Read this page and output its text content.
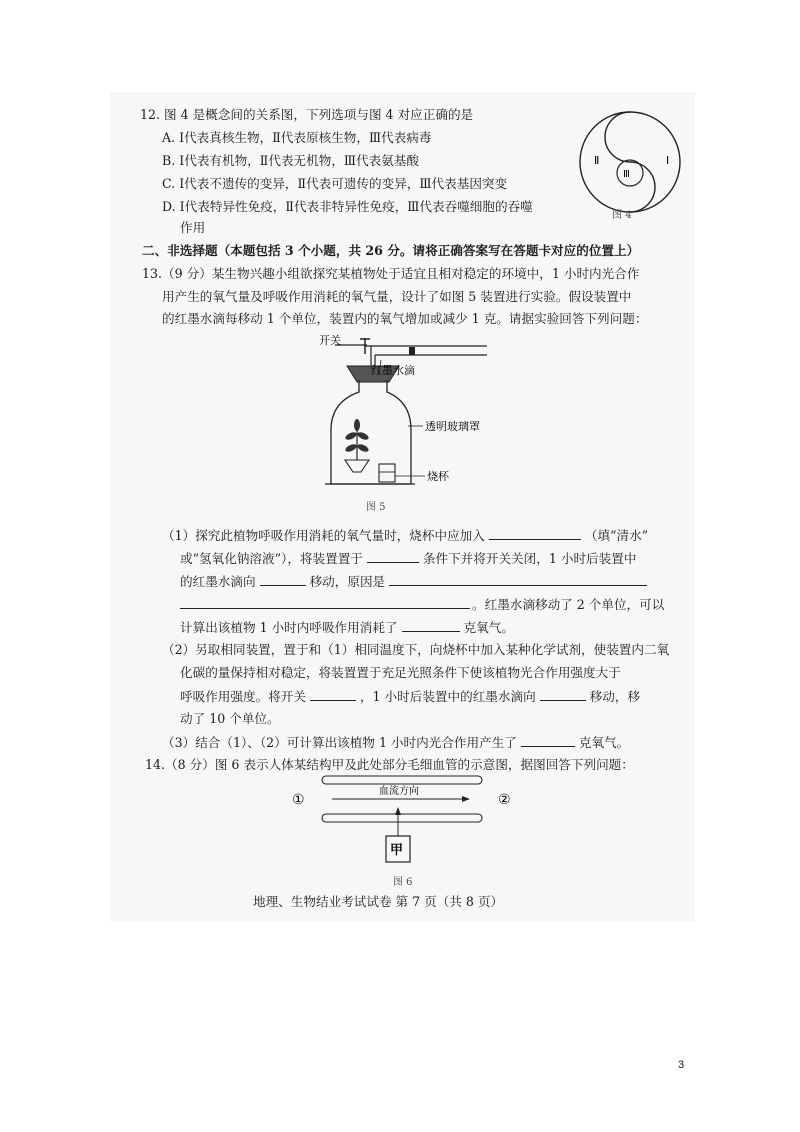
12. 图 4 是概念间的关系图，下列选项与图 4 对应正确的是
A. Ⅰ代表真核生物，Ⅱ代表原核生物，Ⅲ代表病毒
B. Ⅰ代表有机物，Ⅱ代表无机物，Ⅲ代表氨基酸
C. Ⅰ代表不遗传的变异，Ⅱ代表可遗传的变异，Ⅲ代表基因突变
D. Ⅰ代表特异性免疫，Ⅱ代表非特异性免疫，Ⅲ代表吞噬细胞的吞噬
作用
Ⅱ
Ⅲ
Ⅰ
图 4
二、非选择题（本题包括 3 个小题，共 26 分。请将正确答案写在答题卡对应的位置上）
13.（9 分）某生物兴趣小组欲探究某植物处于适宜且相对稳定的环境中，1 小时内光合作
用产生的氧气量及呼吸作用消耗的氧气量，设计了如图 5 装置进行实验。假设装置中
的红墨水滴每移动 1 个单位，装置内的氧气增加或减少 1 克。请据实验回答下列问题：
开关
红墨水滴
透明玻璃罩
烧杯
图 5
（1）探究此植物呼吸作用消耗的氧气量时，烧杯中应加入	（填“清水”
或“氢氧化钠溶液”），将装置置于	条件下并将开关关闭，1 小时后装置中
的红墨水滴向	移动，原因是
。红墨水滴移动了 2 个单位，可以
计算出该植物 1 小时内呼吸作用消耗了	克氧气。
（2）另取相同装置，置于和（1）相同温度下，向烧杯中加入某种化学试剂，使装置内二氧
化碳的量保持相对稳定，将装置置于充足光照条件下使该植物光合作用强度大于
呼吸作用强度。将开关	，1 小时后装置中的红墨水滴向	移动，移
动了 10 个单位。
（3）结合（1）、（2）可计算出该植物 1 小时内光合作用产生了	克氧气。
14.（8 分）图 6 表示人体某结构甲及此处部分毛细血管的示意图，据图回答下列问题：
①	②
血流方向
甲
图 6
地理、生物结业考试试卷 第 7 页（共 8 页）
3
